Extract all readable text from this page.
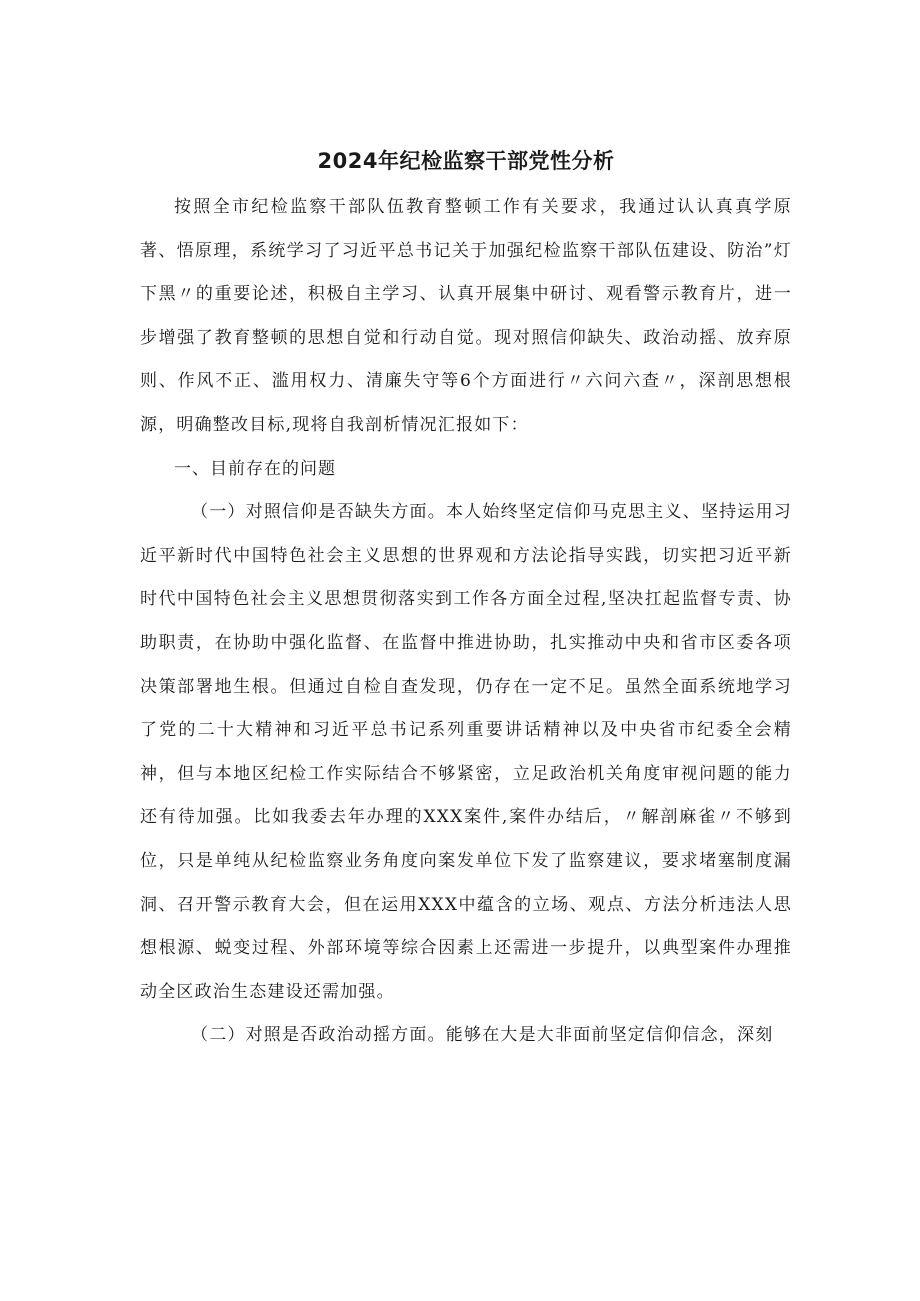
2024年纪检监察干部党性分析

按照全市纪检监察干部队伍教育整顿工作有关要求，我通过认认真真学原著、悟原理，系统学习了习近平总书记关于加强纪检监察干部队伍建设、防治”灯下黑〃的重要论述，积极自主学习、认真开展集中研讨、观看警示教育片，进一步增强了教育整顿的思想自觉和行动自觉。现对照信仰缺失、政治动摇、放弃原则、作风不正、滥用权力、清廉失守等6个方面进行〃六问六查〃，深剖思想根源，明确整改目标,现将自我剖析情况汇报如下：

一、目前存在的问题

（一）对照信仰是否缺失方面。本人始终坚定信仰马克思主义、坚持运用习近平新时代中国特色社会主义思想的世界观和方法论指导实践，切实把习近平新时代中国特色社会主义思想贯彻落实到工作各方面全过程,坚决扛起监督专责、协助职责，在协助中强化监督、在监督中推进协助，扎实推动中央和省市区委各项决策部署地生根。但通过自检自查发现，仍存在一定不足。虽然全面系统地学习了党的二十大精神和习近平总书记系列重要讲话精神以及中央省市纪委全会精神，但与本地区纪检工作实际结合不够紧密，立足政治机关角度审视问题的能力还有待加强。比如我委去年办理的XXX案件,案件办结后，〃解剖麻雀〃不够到位，只是单纯从纪检监察业务角度向案发单位下发了监察建议，要求堵塞制度漏洞、召开警示教育大会，但在运用XXX中蕴含的立场、观点、方法分析违法人思想根源、蜕变过程、外部环境等综合因素上还需进一步提升，以典型案件办理推动全区政治生态建设还需加强。

（二）对照是否政治动摇方面。能够在大是大非面前坚定信仰信念，深刻
